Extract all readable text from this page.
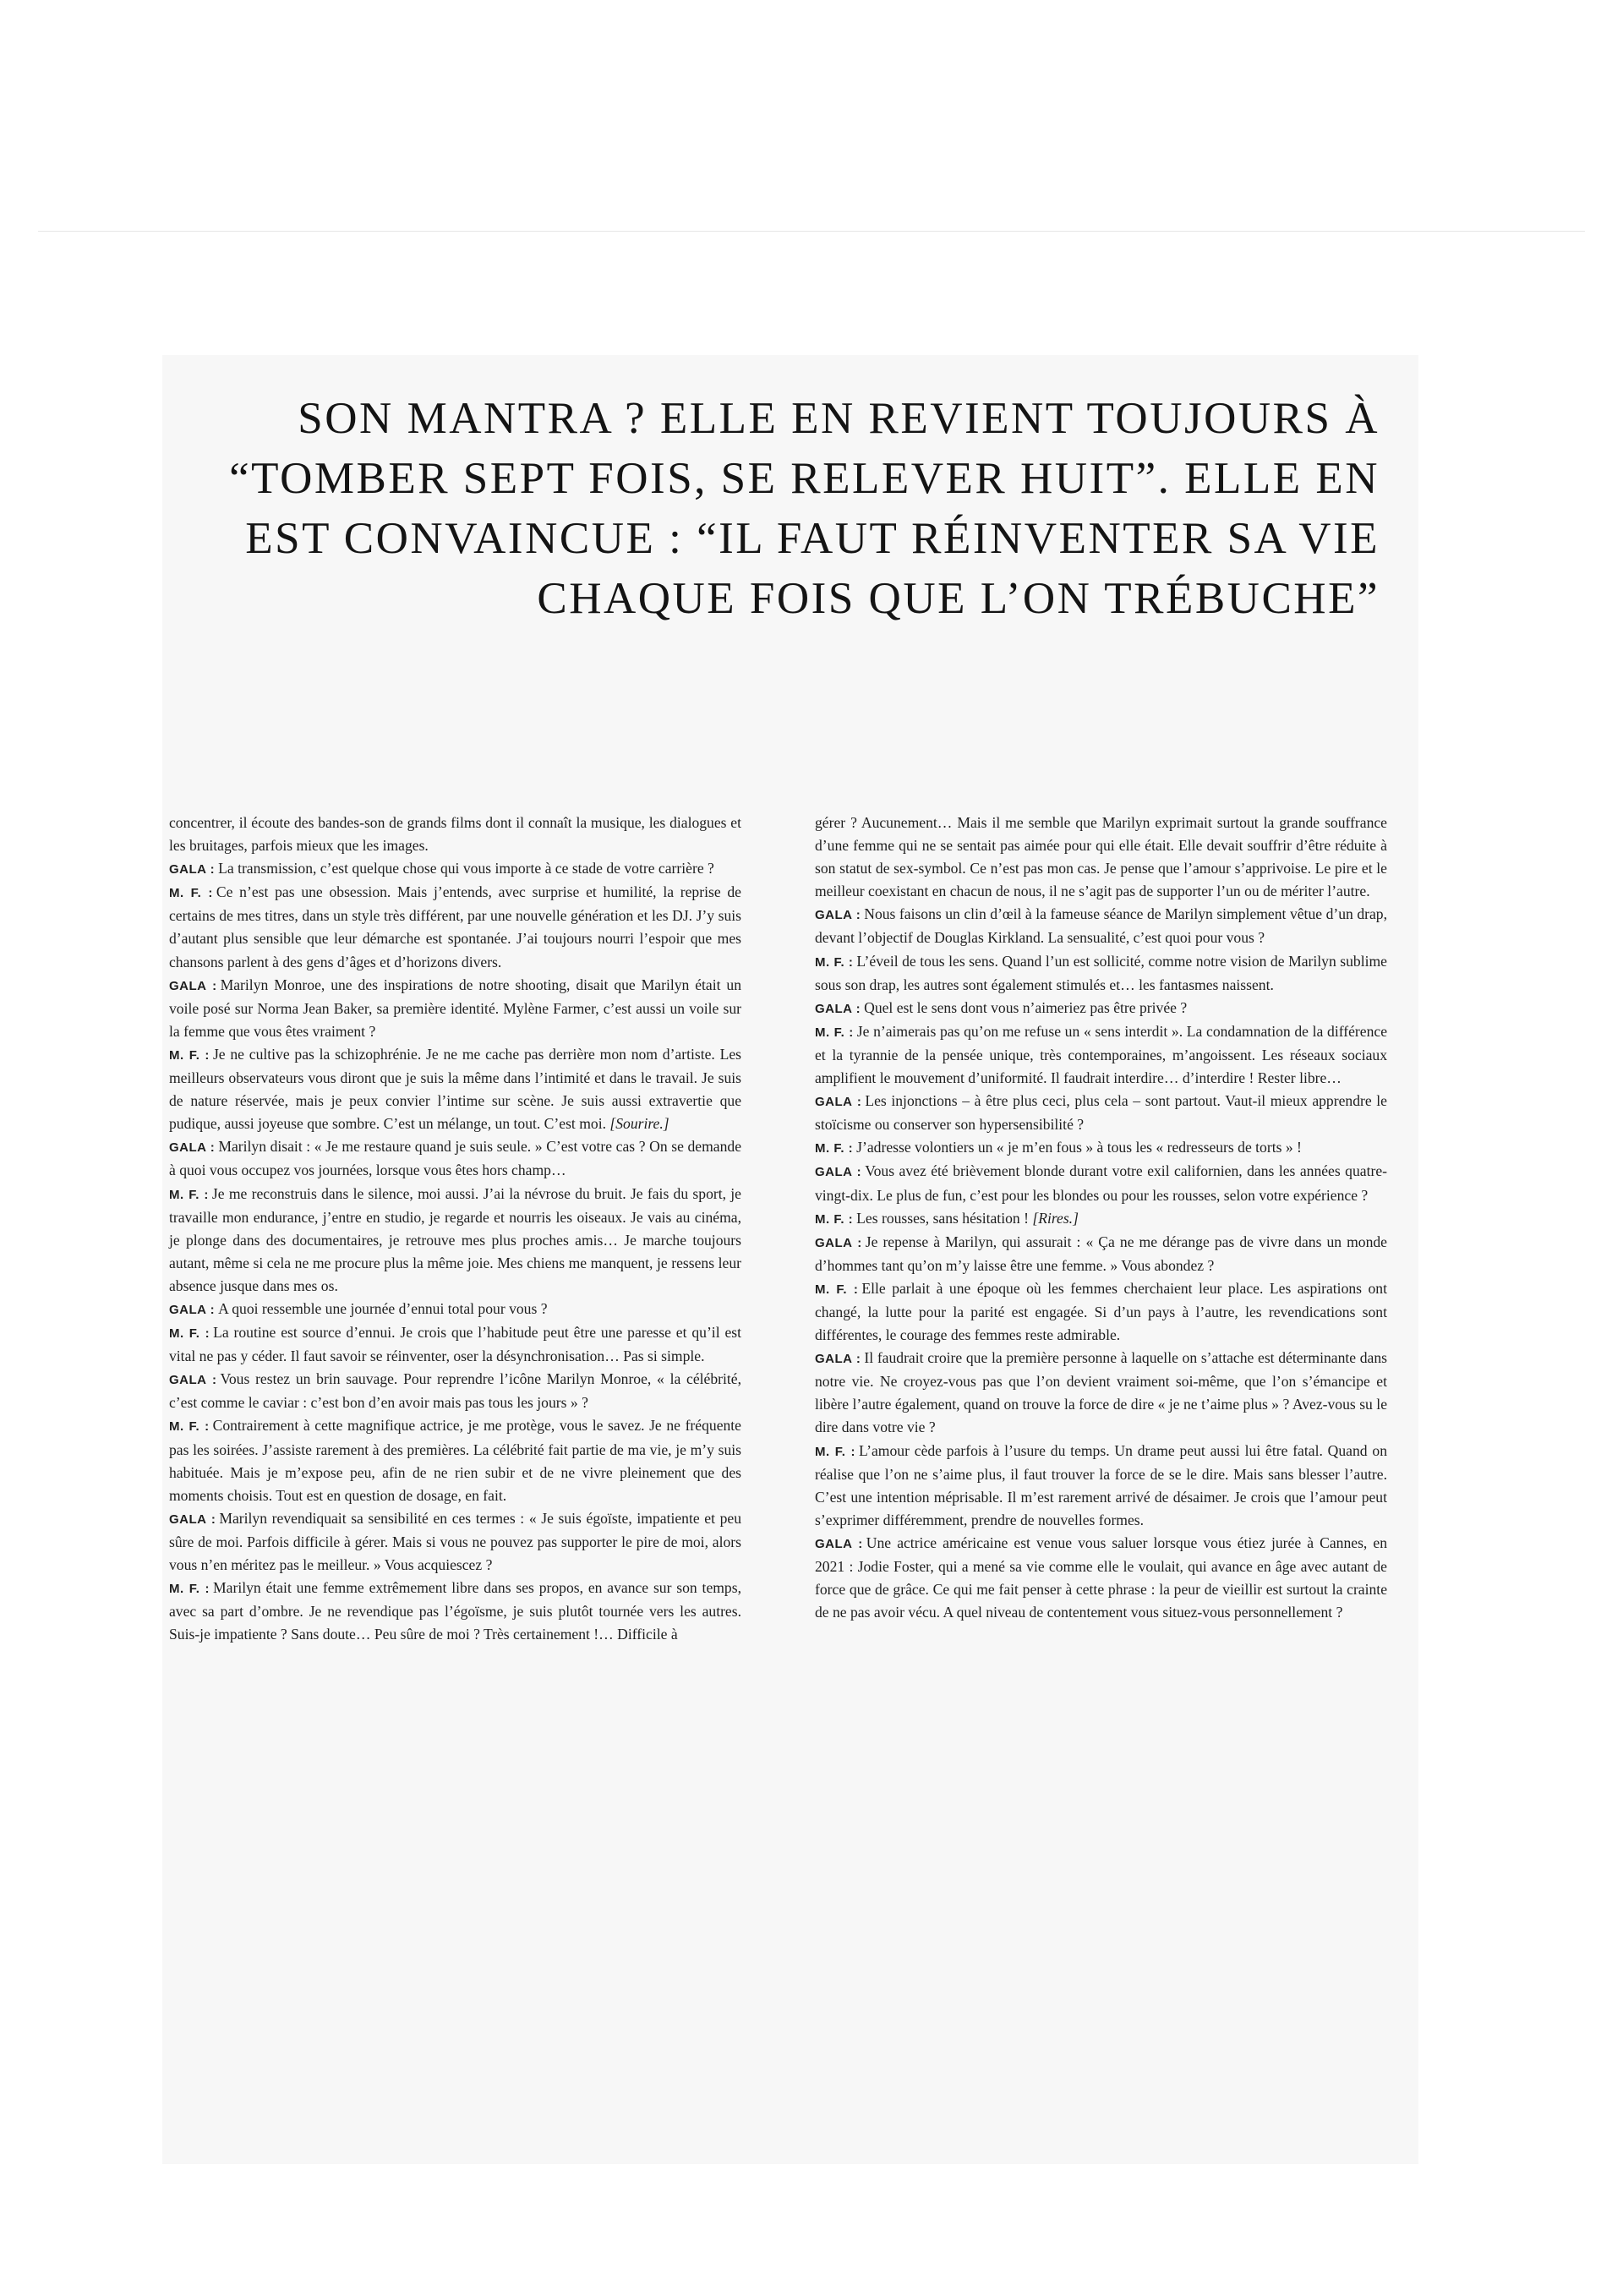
SON MANTRA ? ELLE EN REVIENT TOUJOURS À “TOMBER SEPT FOIS, SE RELEVER HUIT”. ELLE EN EST CONVAINCUE : “IL FAUT RÉINVENTER SA VIE CHAQUE FOIS QUE L’ON TRÉBUCHE”

concentrer, il écoute des bandes-son de grands films dont il connaît la musique, les dialogues et les bruitages, parfois mieux que les images.

GALA : La transmission, c’est quelque chose qui vous importe à ce stade de votre carrière ?

M. F. : Ce n’est pas une obsession. Mais j’entends, avec surprise et humilité, la reprise de certains de mes titres, dans un style très différent, par une nouvelle génération et les DJ. J’y suis d’autant plus sensible que leur démarche est spontanée. J’ai toujours nourri l’espoir que mes chansons parlent à des gens d’âges et d’horizons divers.

GALA : Marilyn Monroe, une des inspirations de notre shooting, disait que Marilyn était un voile posé sur Norma Jean Baker, sa première identité. Mylène Farmer, c’est aussi un voile sur la femme que vous êtes vraiment ?

M. F. : Je ne cultive pas la schizophrénie. Je ne me cache pas derrière mon nom d’artiste. Les meilleurs observateurs vous diront que je suis la même dans l’intimité et dans le travail. Je suis de nature réservée, mais je peux convier l’intime sur scène. Je suis aussi extravertie que pudique, aussi joyeuse que sombre. C’est un mélange, un tout. C’est moi. [Sourire.]

GALA : Marilyn disait : « Je me restaure quand je suis seule. » C’est votre cas ? On se demande à quoi vous occupez vos journées, lorsque vous êtes hors champ…

M. F. : Je me reconstruis dans le silence, moi aussi. J’ai la névrose du bruit. Je fais du sport, je travaille mon endurance, j’entre en studio, je regarde et nourris les oiseaux. Je vais au cinéma, je plonge dans des documentaires, je retrouve mes plus proches amis… Je marche toujours autant, même si cela ne me procure plus la même joie. Mes chiens me manquent, je ressens leur absence jusque dans mes os.

GALA : A quoi ressemble une journée d’ennui total pour vous ?

M. F. : La routine est source d’ennui. Je crois que l’habitude peut être une paresse et qu’il est vital ne pas y céder. Il faut savoir se réinventer, oser la désynchronisation… Pas si simple.

GALA : Vous restez un brin sauvage. Pour reprendre l’icône Marilyn Monroe, « la célébrité, c’est comme le caviar : c’est bon d’en avoir mais pas tous les jours » ?

M. F. : Contrairement à cette magnifique actrice, je me protège, vous le savez. Je ne fréquente pas les soirées. J’assiste rarement à des premières. La célébrité fait partie de ma vie, je m’y suis habituée. Mais je m’expose peu, afin de ne rien subir et de ne vivre pleinement que des moments choisis. Tout est en question de dosage, en fait.

GALA : Marilyn revendiquait sa sensibilité en ces termes : « Je suis égoïste, impatiente et peu sûre de moi. Parfois difficile à gérer. Mais si vous ne pouvez pas supporter le pire de moi, alors vous n’en méritez pas le meilleur. » Vous acquiescez ?

M. F. : Marilyn était une femme extrêmement libre dans ses propos, en avance sur son temps, avec sa part d’ombre. Je ne revendique pas l’égoïsme, je suis plutôt tournée vers les autres. Suis-je impatiente ? Sans doute… Peu sûre de moi ? Très certainement !… Difficile à

gérer ? Aucunement… Mais il me semble que Marilyn exprimait surtout la grande souffrance d’une femme qui ne se sentait pas aimée pour qui elle était. Elle devait souffrir d’être réduite à son statut de sex-symbol. Ce n’est pas mon cas. Je pense que l’amour s’apprivoise. Le pire et le meilleur coexistant en chacun de nous, il ne s’agit pas de supporter l’un ou de mériter l’autre.

GALA : Nous faisons un clin d’œil à la fameuse séance de Marilyn simplement vêtue d’un drap, devant l’objectif de Douglas Kirkland. La sensualité, c’est quoi pour vous ?

M. F. : L’éveil de tous les sens. Quand l’un est sollicité, comme notre vision de Marilyn sublime sous son drap, les autres sont également stimulés et… les fantasmes naissent.

GALA : Quel est le sens dont vous n’aimeriez pas être privée ?

M. F. : Je n’aimerais pas qu’on me refuse un « sens interdit ». La condamnation de la différence et la tyrannie de la pensée unique, très contemporaines, m’angoissent. Les réseaux sociaux amplifient le mouvement d’uniformité. Il faudrait interdire… d’interdire ! Rester libre…

GALA : Les injonctions – à être plus ceci, plus cela – sont partout. Vaut-il mieux apprendre le stoïcisme ou conserver son hypersensibilité ?

M. F. : J’adresse volontiers un « je m’en fous » à tous les « redresseurs de torts » !

GALA : Vous avez été brièvement blonde durant votre exil californien, dans les années quatre-vingt-dix. Le plus de fun, c’est pour les blondes ou pour les rousses, selon votre expérience ?

M. F. : Les rousses, sans hésitation ! [Rires.]

GALA : Je repense à Marilyn, qui assurait : « Ça ne me dérange pas de vivre dans un monde d’hommes tant qu’on m’y laisse être une femme. » Vous abondez ?

M. F. : Elle parlait à une époque où les femmes cherchaient leur place. Les aspirations ont changé, la lutte pour la parité est engagée. Si d’un pays à l’autre, les revendications sont différentes, le courage des femmes reste admirable.

GALA : Il faudrait croire que la première personne à laquelle on s’attache est déterminante dans notre vie. Ne croyez-vous pas que l’on devient vraiment soi-même, que l’on s’émancipe et libère l’autre également, quand on trouve la force de dire « je ne t’aime plus » ? Avez-vous su le dire dans votre vie ?

M. F. : L’amour cède parfois à l’usure du temps. Un drame peut aussi lui être fatal. Quand on réalise que l’on ne s’aime plus, il faut trouver la force de se le dire. Mais sans blesser l’autre. C’est une intention méprisable. Il m’est rarement arrivé de désaimer. Je crois que l’amour peut s’exprimer différemment, prendre de nouvelles formes.

GALA : Une actrice américaine est venue vous saluer lorsque vous étiez jurée à Cannes, en 2021 : Jodie Foster, qui a mené sa vie comme elle le voulait, qui avance en âge avec autant de force que de grâce. Ce qui me fait penser à cette phrase : la peur de vieillir est surtout la crainte de ne pas avoir vécu. A quel niveau de contentement vous situez-vous personnellement ?
